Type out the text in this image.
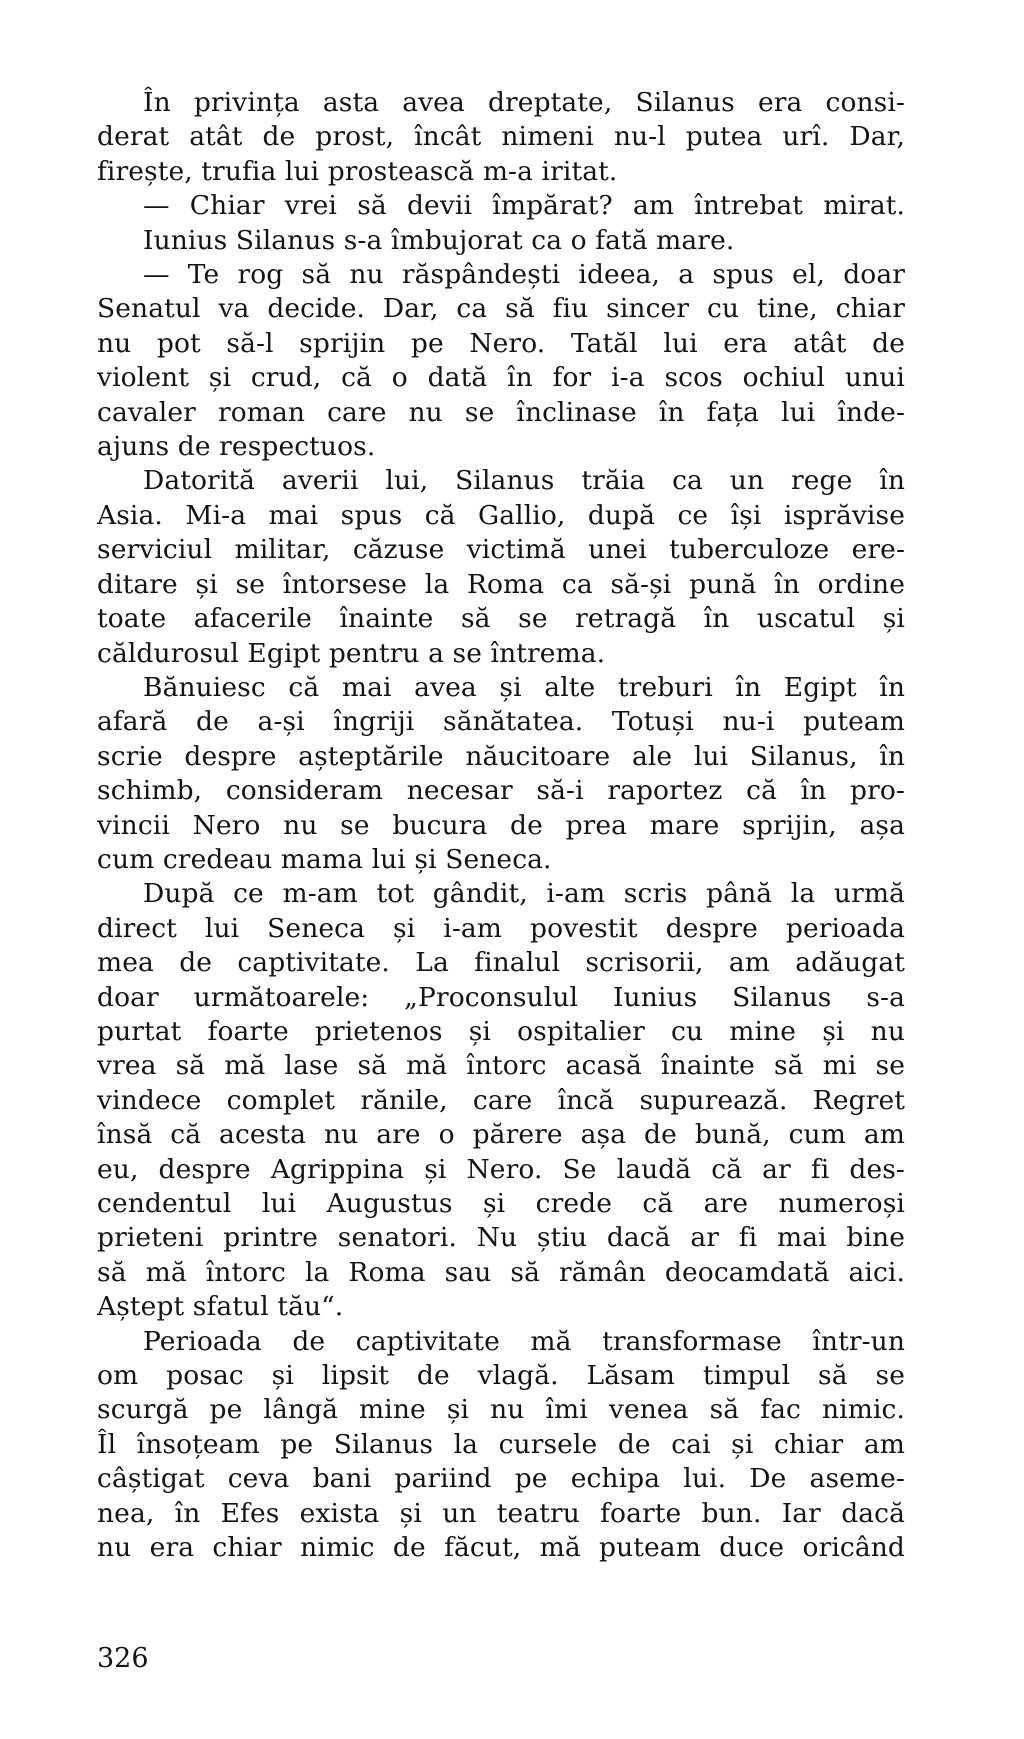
În privința asta avea dreptate, Silanus era consi-
derat atât de prost, încât nimeni nu-l putea urî. Dar,
firește, trufia lui prostească m-a iritat.
— Chiar vrei să devii împărat? am întrebat mirat.
Iunius Silanus s-a îmbujorat ca o fată mare.
— Te rog să nu răspândești ideea, a spus el, doar
Senatul va decide. Dar, ca să fiu sincer cu tine, chiar
nu pot să-l sprijin pe Nero. Tatăl lui era atât de
violent și crud, că o dată în for i-a scos ochiul unui
cavaler roman care nu se înclinase în fața lui înde-
ajuns de respectuos.
Datorită averii lui, Silanus trăia ca un rege în
Asia. Mi-a mai spus că Gallio, după ce își isprăvise
serviciul militar, căzuse victimă unei tuberculoze ere-
ditare și se întorsese la Roma ca să-și pună în ordine
toate afacerile înainte să se retragă în uscatul și
căldurosul Egipt pentru a se întrema.
Bănuiesc că mai avea și alte treburi în Egipt în
afară de a-și îngriji sănătatea. Totuși nu-i puteam
scrie despre așteptările năucitoare ale lui Silanus, în
schimb, consideram necesar să-i raportez că în pro-
vincii Nero nu se bucura de prea mare sprijin, așa
cum credeau mama lui și Seneca.
După ce m-am tot gândit, i-am scris până la urmă
direct lui Seneca și i-am povestit despre perioada
mea de captivitate. La finalul scrisorii, am adăugat
doar următoarele: „Proconsulul Iunius Silanus s-a
purtat foarte prietenos și ospitalier cu mine și nu
vrea să mă lase să mă întorc acasă înainte să mi se
vindece complet rănile, care încă supurează. Regret
însă că acesta nu are o părere așa de bună, cum am
eu, despre Agrippina și Nero. Se laudă că ar fi des-
cendentul lui Augustus și crede că are numeroși
prieteni printre senatori. Nu știu dacă ar fi mai bine
să mă întorc la Roma sau să rămân deocamdată aici.
Aștept sfatul tău“.
Perioada de captivitate mă transformase într-un
om posac și lipsit de vlagă. Lăsam timpul să se
scurgă pe lângă mine și nu îmi venea să fac nimic.
Îl însoțeam pe Silanus la cursele de cai și chiar am
câștigat ceva bani pariind pe echipa lui. De aseme-
nea, în Efes exista și un teatru foarte bun. Iar dacă
nu era chiar nimic de făcut, mă puteam duce oricând
326
